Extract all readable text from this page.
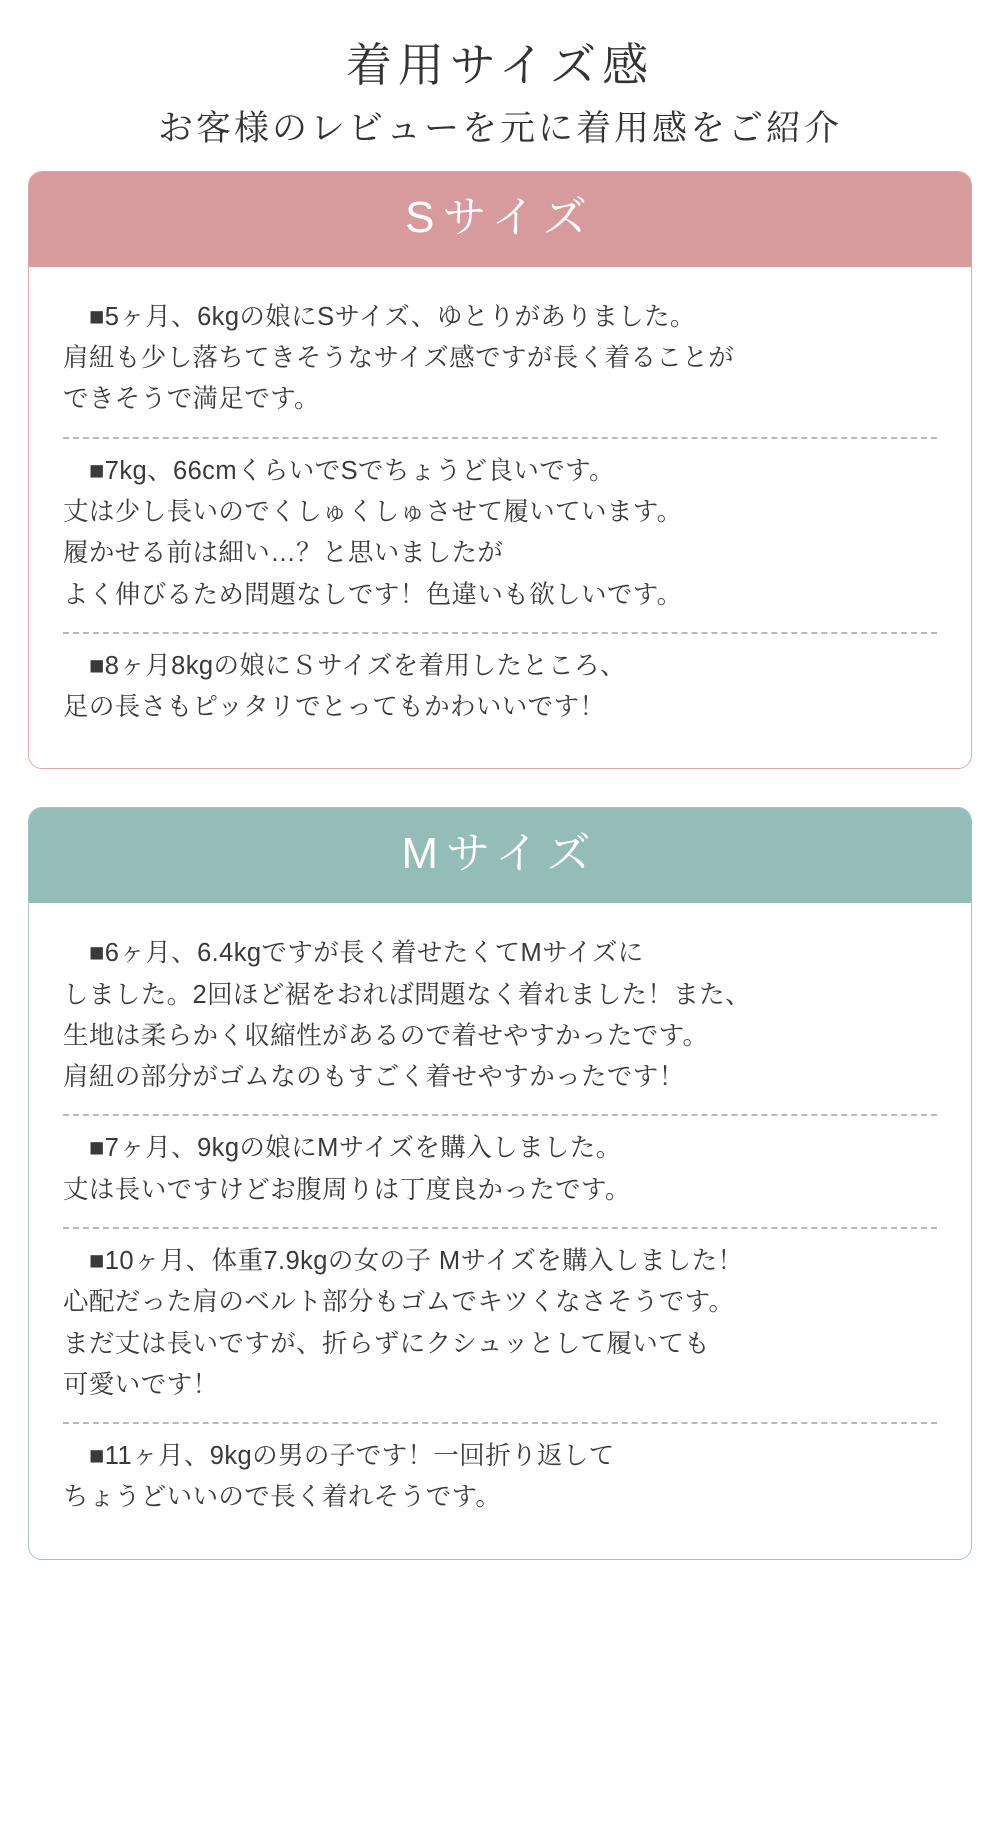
着用サイズ感
お客様のレビューを元に着用感をご紹介
Sサイズ

■5ヶ月、6kgの娘にSサイズ、ゆとりがありました。

肩紐も少し落ちてきそうなサイズ感ですが長く着ることが

できそうで満足です。

■7kg、66cmくらいでSでちょうど良いです。

丈は少し長いのでくしゅくしゅさせて履いています。

履かせる前は細い…？と思いましたが

よく伸びるため問題なしです！色違いも欲しいです。

■8ヶ月8kgの娘にＳサイズを着用したところ、

足の長さもピッタリでとってもかわいいです！

Mサイズ

■6ヶ月、6.4kgですが長く着せたくてMサイズに

しました。2回ほど裾をおれば問題なく着れました！また、

生地は柔らかく収縮性があるので着せやすかったです。

肩紐の部分がゴムなのもすごく着せやすかったです！

■7ヶ月、9kgの娘にMサイズを購入しました。

丈は長いですけどお腹周りは丁度良かったです。

■10ヶ月、体重7.9kgの女の子 Mサイズを購入しました！

心配だった肩のベルト部分もゴムでキツくなさそうです。

まだ丈は長いですが、折らずにクシュッとして履いても

可愛いです！

■11ヶ月、9kgの男の子です！一回折り返して

ちょうどいいので長く着れそうです。
